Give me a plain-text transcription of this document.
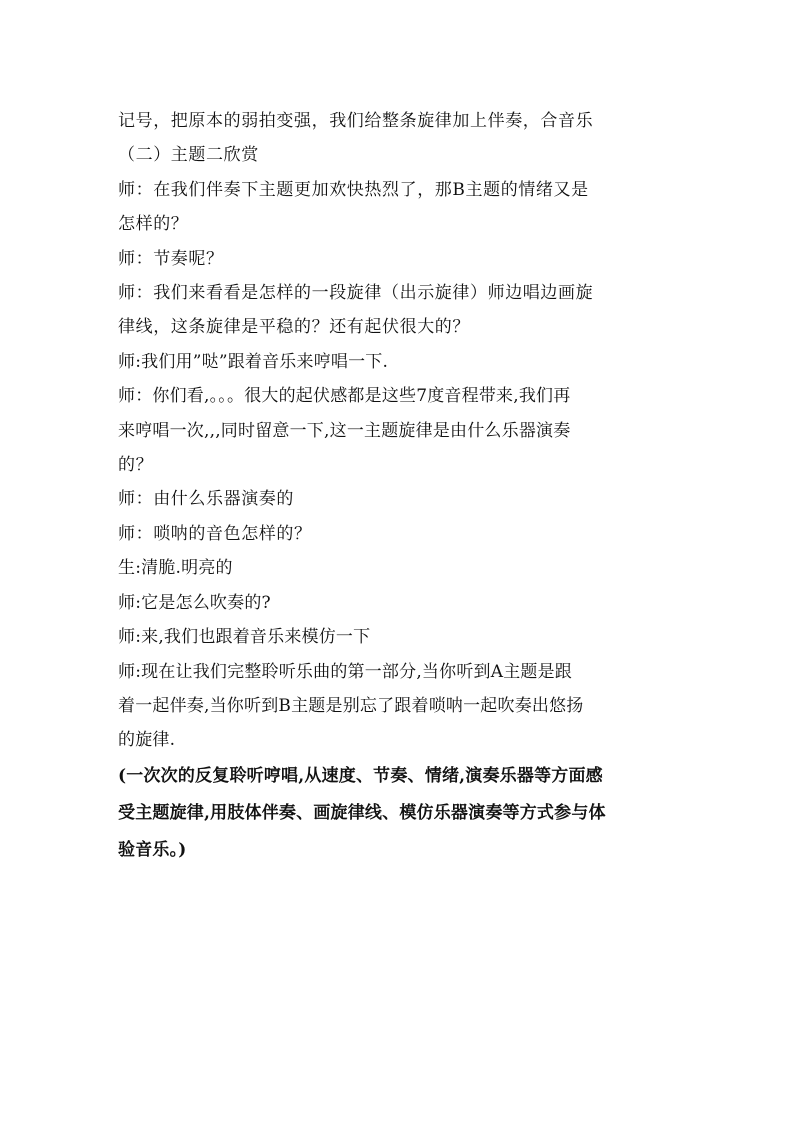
记号，把原本的弱拍变强，我们给整条旋律加上伴奏，合音乐
（二）主题二欣赏
师：在我们伴奏下主题更加欢快热烈了，那B主题的情绪又是
怎样的？
师：节奏呢？
师：我们来看看是怎样的一段旋律（出示旋律）师边唱边画旋
律线，这条旋律是平稳的？还有起伏很大的？
师:我们用”哒”跟着音乐来哼唱一下.
师：你们看,。。。很大的起伏感都是这些7度音程带来,我们再
来哼唱一次,,,同时留意一下,这一主题旋律是由什么乐器演奏
的？
师：由什么乐器演奏的
师：唢呐的音色怎样的？
生:清脆.明亮的
师:它是怎么吹奏的?
师:来,我们也跟着音乐来模仿一下
师:现在让我们完整聆听乐曲的第一部分,当你听到A主题是跟
着一起伴奏,当你听到B主题是别忘了跟着唢呐一起吹奏出悠扬
的旋律.
(一次次的反复聆听哼唱,从速度、节奏、情绪,演奏乐器等方面感
受主题旋律,用肢体伴奏、画旋律线、模仿乐器演奏等方式参与体
验音乐。)
